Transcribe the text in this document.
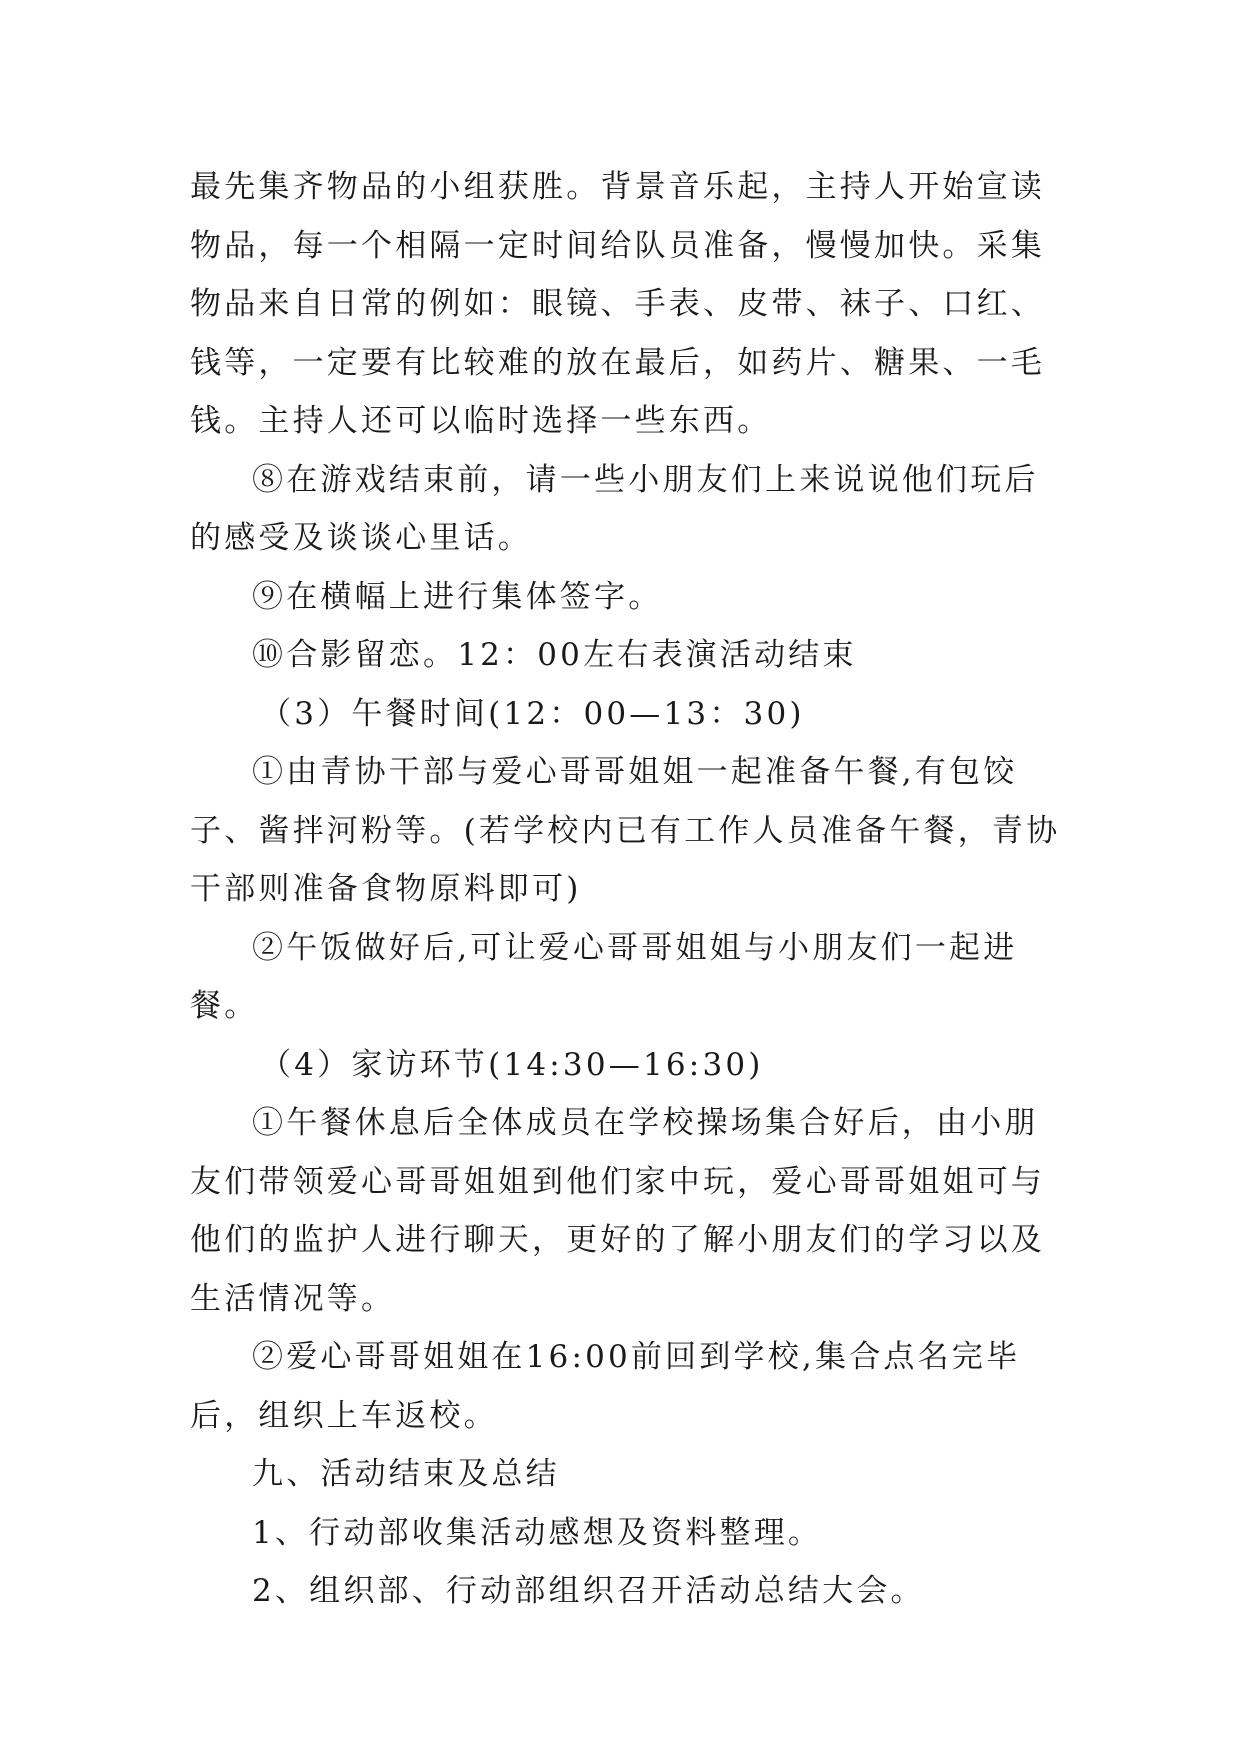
最先集齐物品的小组获胜。背景音乐起，主持人开始宣读物品，每一个相隔一定时间给队员准备，慢慢加快。采集物品来自日常的例如：眼镜、手表、皮带、袜子、口红、钱等，一定要有比较难的放在最后，如药片、糖果、一毛钱。主持人还可以临时选择一些东西。

⑧在游戏结束前，请一些小朋友们上来说说他们玩后的感受及谈谈心里话。

⑨在横幅上进行集体签字。

⑩合影留恋。12：00左右表演活动结束

（3）午餐时间(12：00—13：30)

①由青协干部与爱心哥哥姐姐一起准备午餐,有包饺子、酱拌河粉等。(若学校内已有工作人员准备午餐，青协干部则准备食物原料即可)

②午饭做好后,可让爱心哥哥姐姐与小朋友们一起进餐。

（4）家访环节(14:30—16:30)

①午餐休息后全体成员在学校操场集合好后，由小朋友们带领爱心哥哥姐姐到他们家中玩，爱心哥哥姐姐可与他们的监护人进行聊天，更好的了解小朋友们的学习以及生活情况等。

②爱心哥哥姐姐在16:00前回到学校,集合点名完毕后，组织上车返校。

九、活动结束及总结

1、行动部收集活动感想及资料整理。

2、组织部、行动部组织召开活动总结大会。
